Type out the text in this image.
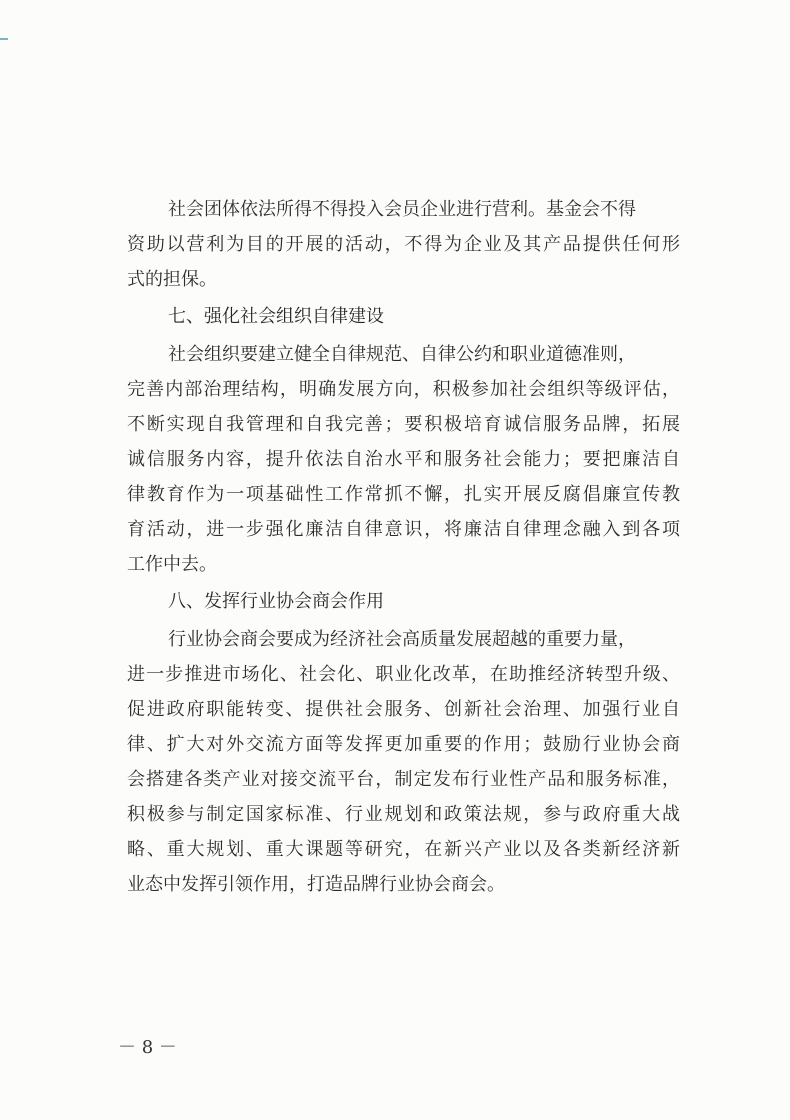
社会团体依法所得不得投入会员企业进行营利。基金会不得
资助以营利为目的开展的活动，不得为企业及其产品提供任何形
式的担保。
七、强化社会组织自律建设
社会组织要建立健全自律规范、自律公约和职业道德准则，
完善内部治理结构，明确发展方向，积极参加社会组织等级评估，
不断实现自我管理和自我完善；要积极培育诚信服务品牌，拓展
诚信服务内容，提升依法自治水平和服务社会能力；要把廉洁自
律教育作为一项基础性工作常抓不懈，扎实开展反腐倡廉宣传教
育活动，进一步强化廉洁自律意识，将廉洁自律理念融入到各项
工作中去。
八、发挥行业协会商会作用
行业协会商会要成为经济社会高质量发展超越的重要力量，
进一步推进市场化、社会化、职业化改革，在助推经济转型升级、
促进政府职能转变、提供社会服务、创新社会治理、加强行业自
律、扩大对外交流方面等发挥更加重要的作用；鼓励行业协会商
会搭建各类产业对接交流平台，制定发布行业性产品和服务标准，
积极参与制定国家标准、行业规划和政策法规，参与政府重大战
略、重大规划、重大课题等研究，在新兴产业以及各类新经济新
业态中发挥引领作用，打造品牌行业协会商会。
－ 8 －
